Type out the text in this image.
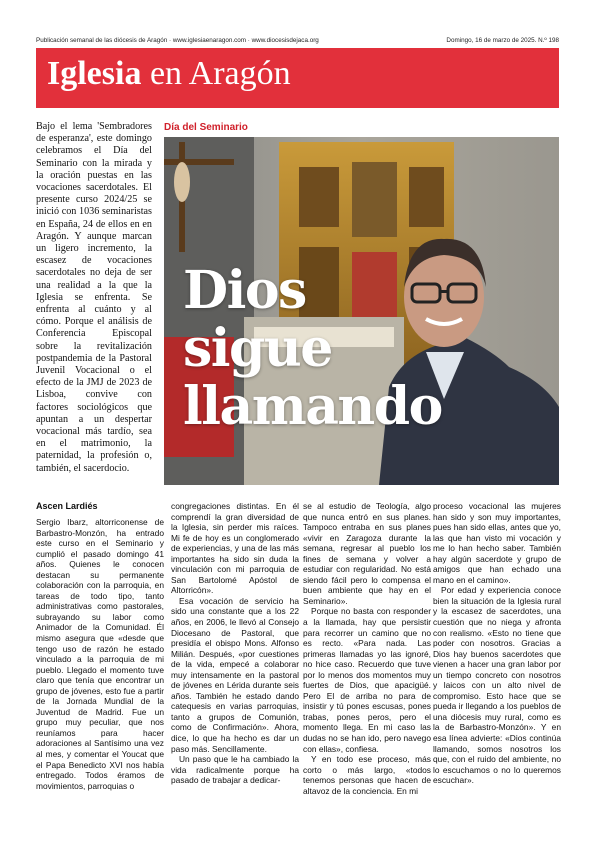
Publicación semanal de las diócesis de Aragón · www.iglesiaenaragon.com · www.diocesisdejaca.org	Domingo, 16 de marzo de 2025. N.º 198
Iglesia en Aragón
Bajo el lema 'Sembradores de esperanza', este domingo celebramos el Día del Seminario con la mirada y la oración puestas en las vocaciones sacerdotales. El presente curso 2024/25 se inició con 1036 seminaristas en España, 24 de ellos en en Aragón. Y aunque marcan un ligero incremento, la escasez de vocaciones sacerdotales no deja de ser una realidad a la que la Iglesia se enfrenta. Se enfrenta al cuánto y al cómo. Porque el análisis de Conferencia Episcopal sobre la revitalización postpandemia de la Pastoral Juvenil Vocacional o el efecto de la JMJ de 2023 de Lisboa, convive con factores sociológicos que apuntan a un despertar vocacional más tardío, sea en el matrimonio, la paternidad, la profesión o, también, el sacerdocio.
Día del Seminario
Dios
sigue
llamando
Ascen Lardiés

Sergio Ibarz, altorriconense de Barbastro-Monzón, ha entrado este curso en el Seminario y cumplió el pasado domingo 41 años. Quienes le conocen destacan su permanente colaboración con la parroquia, en tareas de todo tipo, tanto administrativas como pastorales, subrayando su labor como Animador de la Comunidad. Él mismo asegura que «desde que tengo uso de razón he estado vinculado a la parroquia de mi pueblo. Llegado el momento tuve claro que tenía que encontrar un grupo de jóvenes, esto fue a partir de la Jornada Mundial de la Juventud de Madrid. Fue un grupo muy peculiar, que nos reuníamos para hacer adoraciones al Santísimo una vez al mes, y comentar el Youcat que el Papa Benedicto XVI nos había entregado. Todos éramos de movimientos, parroquias o

congregaciones distintas. En él comprendí la gran diversidad de la Iglesia, sin perder mis raíces. Mi fe de hoy es un conglomerado de experiencias, y una de las más importantes ha sido sin duda la vinculación con mi parroquia de San Bartolomé Apóstol de Altorricón».

Esa vocación de servicio ha sido una constante que a los 22 años, en 2006, le llevó al Consejo Diocesano de Pastoral, que presidía el obispo Mons. Alfonso Milián. Después, «por cuestiones de la vida, empecé a colaborar muy intensamente en la pastoral de jóvenes en Lérida durante seis años. También he estado dando catequesis en varias parroquias, tanto a grupos de Comunión, como de Confirmación». Ahora, dice, lo que ha hecho es dar un paso más. Sencillamente.

Un paso que le ha cambiado la vida radicalmente porque ha pasado de trabajar a dedicar-

se al estudio de Teología, algo que nunca entró en sus planes. Tampoco entraba en sus planes «vivir en Zaragoza durante la semana, regresar al pueblo los fines de semana y volver a estudiar con regularidad. No está siendo fácil pero lo compensa el buen ambiente que hay en el Seminario».

Porque no basta con responder a la llamada, hay que persistir para recorrer un camino que no es recto. «Para nada. Las primeras llamadas yo las ignoré, no hice caso. Recuerdo que tuve por lo menos dos momentos muy fuertes de Dios, que apacigüé. Pero El de arriba no para de insistir y tú pones escusas, pones trabas, pones peros, pero el momento llega. En mi caso las dudas no se han ido, pero navego con ellas», confiesa.

Y en todo ese proceso, más corto o más largo, «todos tenemos personas que hacen de altavoz de la conciencia. En mi

proceso vocacional las mujeres han sido y son muy importantes, pues han sido ellas, antes que yo, las que han visto mi vocación y me lo han hecho saber. También hay algún sacerdote y grupo de amigos que han echado una mano en el camino».

Por edad y experiencia conoce bien la situación de la Iglesia rural y la escasez de sacerdotes, una cuestión que no niega y afronta con realismo. «Esto no tiene que poder con nosotros. Gracias a Dios hay buenos sacerdotes que vienen a hacer una gran labor por un tiempo concreto con nosotros y laicos con un alto nivel de compromiso. Esto hace que se pueda ir llegando a los pueblos de una diócesis muy rural, como es la de Barbastro-Monzón». Y en esa línea advierte: «Dios continúa llamando, somos nosotros los que, con el ruido del ambiente, no lo escuchamos o no lo queremos escuchar».
